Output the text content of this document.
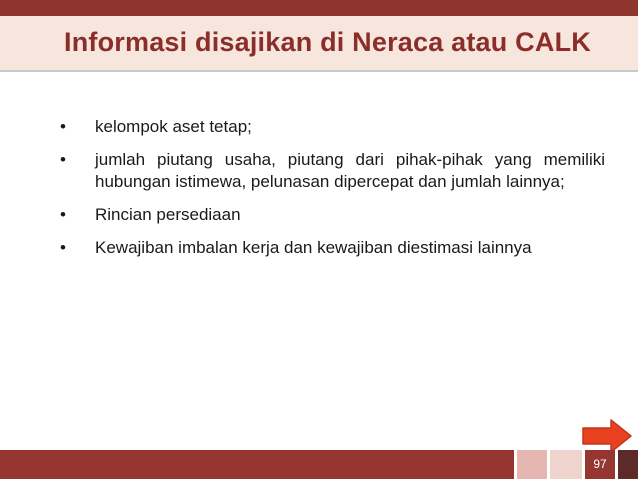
Informasi disajikan di Neraca atau CALK
• kelompok aset tetap;
• jumlah piutang usaha, piutang dari pihak-pihak yang memiliki hubungan istimewa, pelunasan dipercepat dan jumlah lainnya;
• Rincian persediaan
• Kewajiban imbalan kerja dan kewajiban diestimasi lainnya
97
